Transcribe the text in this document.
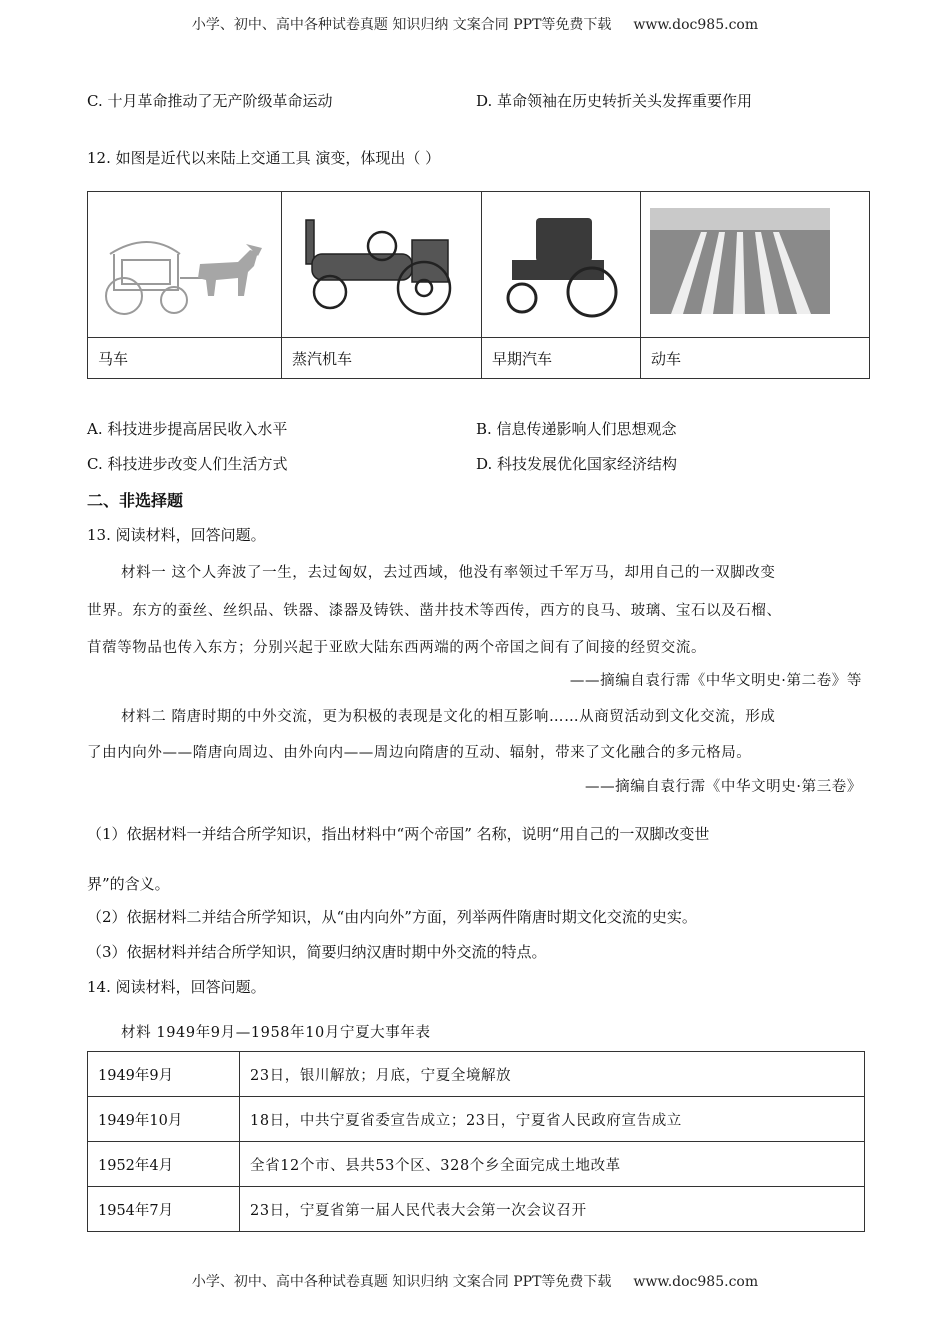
小学、初中、高中各种试卷真题 知识归纳 文案合同 PPT等免费下载 www.doc985.com
C. 十月革命推动了无产阶级革命运动	D. 革命领袖在历史转折关头发挥重要作用
12. 如图是近代以来陆上交通工具 演变，体现出（ ）

马车	蒸汽机车	早期汽车	动车
A. 科技进步提高居民收入水平	B. 信息传递影响人们思想观念
C. 科技进步改变人们生活方式	D. 科技发展优化国家经济结构
二、非选择题
13. 阅读材料，回答问题。
材料一 这个人奔波了一生，去过匈奴，去过西域，他没有率领过千军万马，却用自己的一双脚改变
世界。东方的蚕丝、丝织品、铁器、漆器及铸铁、凿井技术等西传，西方的良马、玻璃、宝石以及石榴、
苜蓿等物品也传入东方；分别兴起于亚欧大陆东西两端的两个帝国之间有了间接的经贸交流。
——摘编自袁行霈《中华文明史·第二卷》等
材料二 隋唐时期的中外交流，更为积极的表现是文化的相互影响……从商贸活动到文化交流，形成
了由内向外——隋唐向周边、由外向内——周边向隋唐的互动、辐射，带来了文化融合的多元格局。
——摘编自袁行霈《中华文明史·第三卷》
（1）依据材料一并结合所学知识，指出材料中“两个帝国” 名称，说明“用自己的一双脚改变世
界”的含义。
（2）依据材料二并结合所学知识，从“由内向外”方面，列举两件隋唐时期文化交流的史实。
（3）依据材料并结合所学知识，简要归纳汉唐时期中外交流的特点。
14. 阅读材料，回答问题。
材料 1949年9月—1958年10月宁夏大事年表
1949年9月	23日，银川解放；月底，宁夏全境解放
1949年10月	18日，中共宁夏省委宣告成立；23日，宁夏省人民政府宣告成立
1952年4月	全省12个市、县共53个区、328个乡全面完成土地改革
1954年7月	23日，宁夏省第一届人民代表大会第一次会议召开
小学、初中、高中各种试卷真题 知识归纳 文案合同 PPT等免费下载 www.doc985.com
